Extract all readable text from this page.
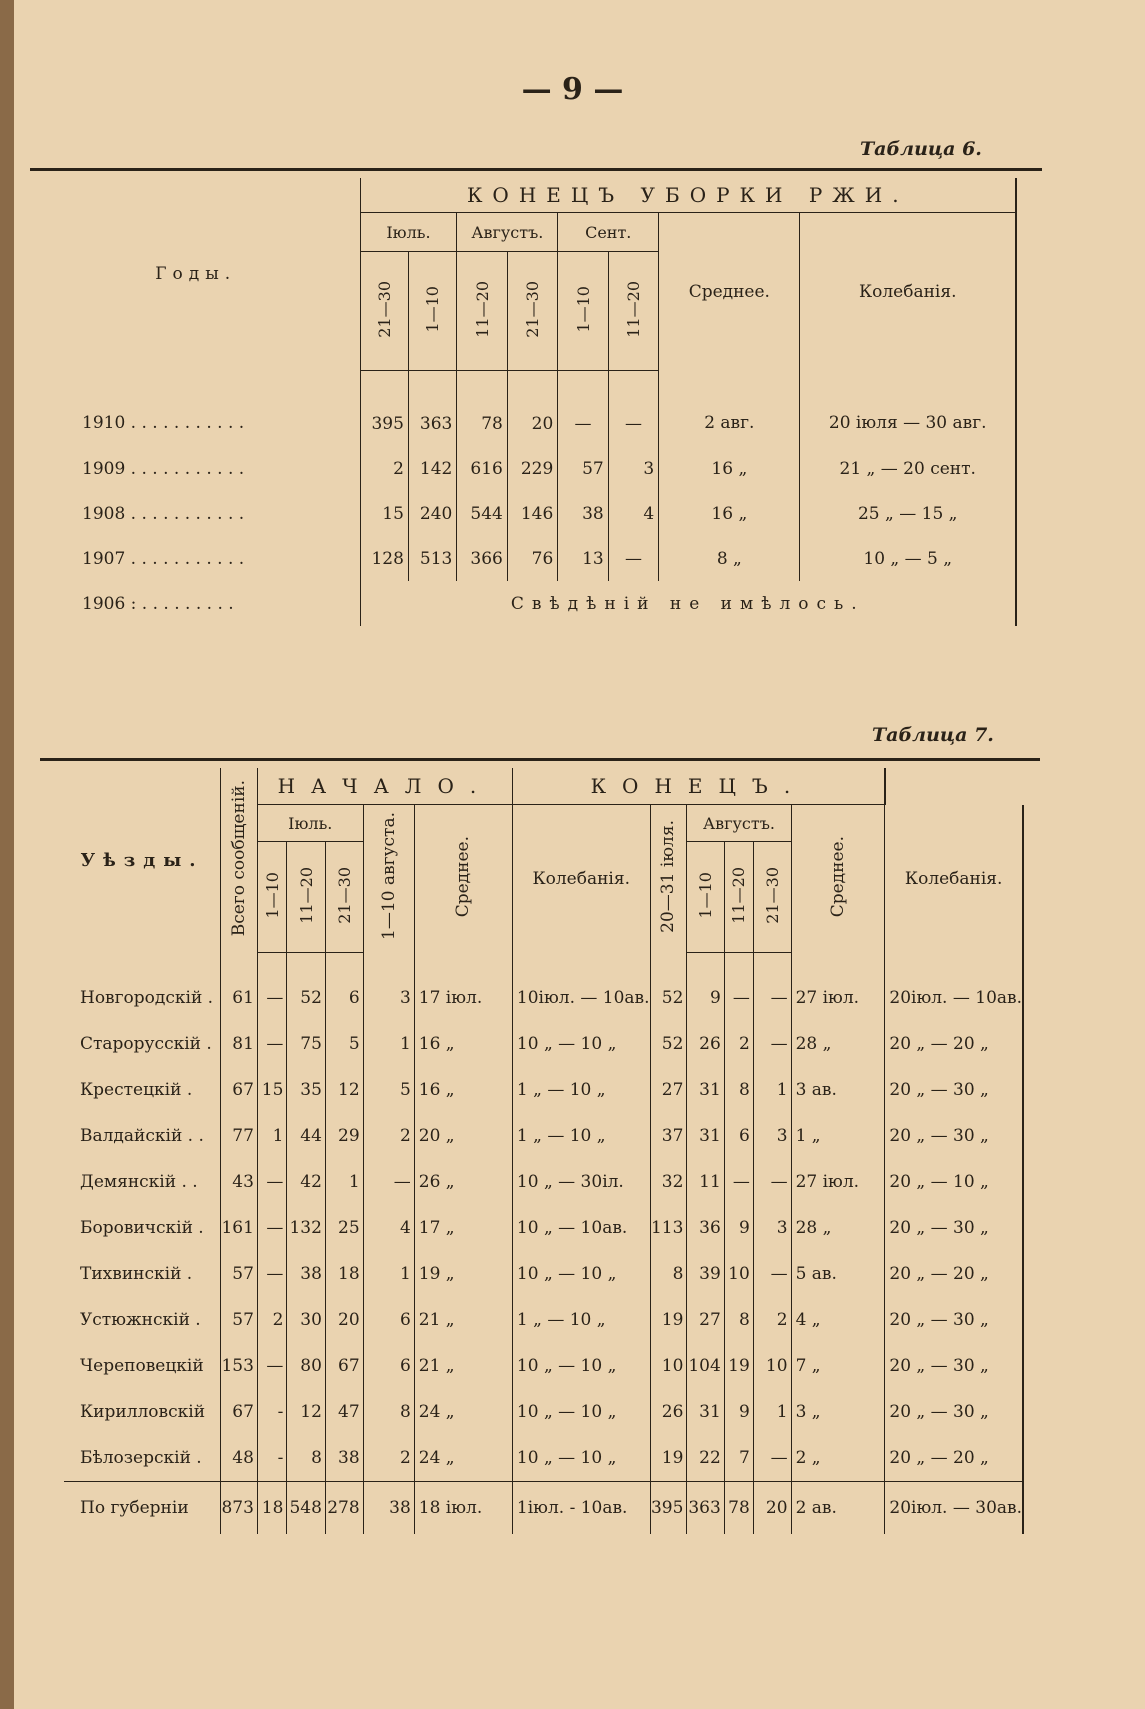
— 9 —
Таблица 6.
Годы.	КОНЕЦЪ УБОРКИ РЖИ.							
	Іюль.		Августъ.		Сент.		Среднее.	Колебанія.
	21—30	1—10	11—20	21—30	1—10	11—20		
1910 . . . . . . . . . . .	395	363	78	20	—	—	2 авг.	20 іюля — 30 авг.
1909 . . . . . . . . . . .	2	142	616	229	57	3	16 „	21 „ — 20 сент.
1908 . . . . . . . . . . .	15	240	544	146	38	4	16 „	25 „ — 15 „
1907 . . . . . . . . . . .	128	513	366	76	13	—	8 „	10 „ — 5 „
1906 : . . . . . . . . .	Свѣдѣній не имѣлось.							
Таблица 7.
Уѣзды.	Всего сообщеній.	НАЧАЛО.					КОНЕЦЪ.						
		Іюль.			1—10 августа.	Среднее.	Колебанія.	20—31 іюля.	Августъ.			Среднее.	Колебанія.
		1—10	11—20	21—30					1—10	11—20	21—30		
Новгородскій .	61	—	52	6	3	17 іюл.	10іюл. — 10ав.	52	9	—	—	27 іюл.	20іюл. — 10ав.
Старорусскій .	81	—	75	5	1	16 „	10 „ — 10 „	52	26	2	—	28 „	20 „ — 20 „
Крестецкій .	67	15	35	12	5	16 „	1 „ — 10 „	27	31	8	1	3 ав.	20 „ — 30 „
Валдайскій . .	77	1	44	29	2	20 „	1 „ — 10 „	37	31	6	3	1 „	20 „ — 30 „
Демянскій . .	43	—	42	1	—	26 „	10 „ — 30іл.	32	11	—	—	27 іюл.	20 „ — 10 „
Боровичскій .	161	—	132	25	4	17 „	10 „ — 10ав.	113	36	9	3	28 „	20 „ — 30 „
Тихвинскій .	57	—	38	18	1	19 „	10 „ — 10 „	8	39	10	—	5 ав.	20 „ — 20 „
Устюжнскій .	57	2	30	20	6	21 „	1 „ — 10 „	19	27	8	2	4 „	20 „ — 30 „
Череповецкій	153	—	80	67	6	21 „	10 „ — 10 „	10	104	19	10	7 „	20 „ — 30 „
Кирилловскій	67	-	12	47	8	24 „	10 „ — 10 „	26	31	9	1	3 „	20 „ — 30 „
Бѣлозерскій .	48	-	8	38	2	24 „	10 „ — 10 „	19	22	7	—	2 „	20 „ — 20 „
По губерніи	873	18	548	278	38	18 іюл.	1іюл. - 10ав.	395	363	78	20	2 ав.	20іюл. — 30ав.
